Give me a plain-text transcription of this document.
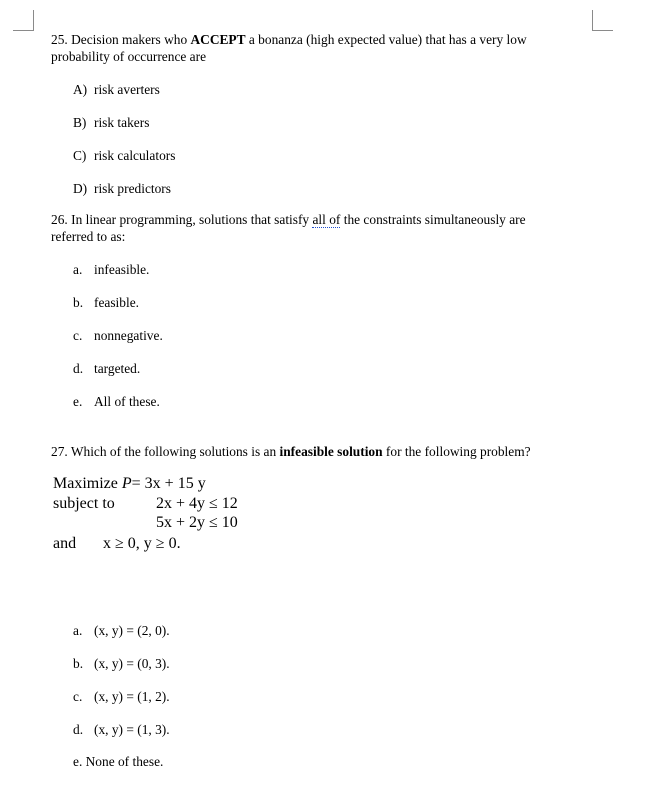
25. Decision makers who ACCEPT a bonanza (high expected value) that has a very low
probability of occurrence are
A) risk averters
B) risk takers
C) risk calculators
D) risk predictors
26. In linear programming, solutions that satisfy all of the constraints simultaneously are
referred to as:
a. infeasible.
b. feasible.
c. nonnegative.
d. targeted.
e. All of these.
27. Which of the following solutions is an infeasible solution for the following problem?
Maximize P= 3x + 15 y
subject to	2x + 4y ≤ 12
5x + 2y ≤ 10
and x ≥ 0, y ≥ 0.
a. (x, y) = (2, 0).
b. (x, y) = (0, 3).
c. (x, y) = (1, 2).
d. (x, y) = (1, 3).
e. None of these.
